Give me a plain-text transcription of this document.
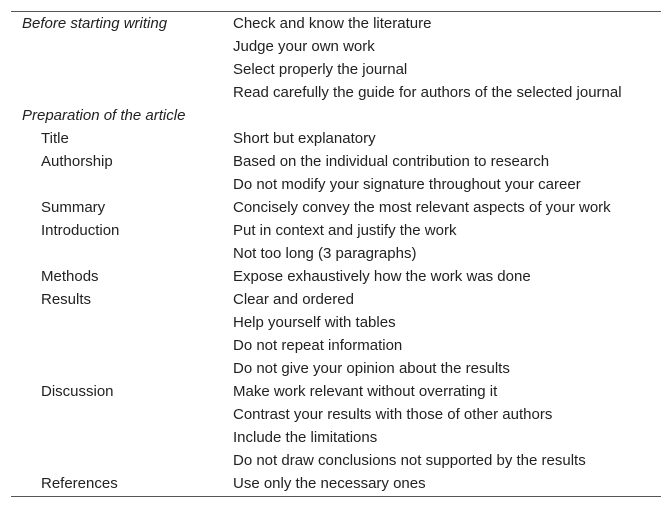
Before starting writing	Check and know the literature
	Judge your own work
	Select properly the journal
	Read carefully the guide for authors of the selected journal
Preparation of the article	
Title	Short but explanatory
Authorship	Based on the individual contribution to research
	Do not modify your signature throughout your career
Summary	Concisely convey the most relevant aspects of your work
Introduction	Put in context and justify the work
	Not too long (3 paragraphs)
Methods	Expose exhaustively how the work was done
Results	Clear and ordered
	Help yourself with tables
	Do not repeat information
	Do not give your opinion about the results
Discussion	Make work relevant without overrating it
	Contrast your results with those of other authors
	Include the limitations
	Do not draw conclusions not supported by the results
References	Use only the necessary ones
